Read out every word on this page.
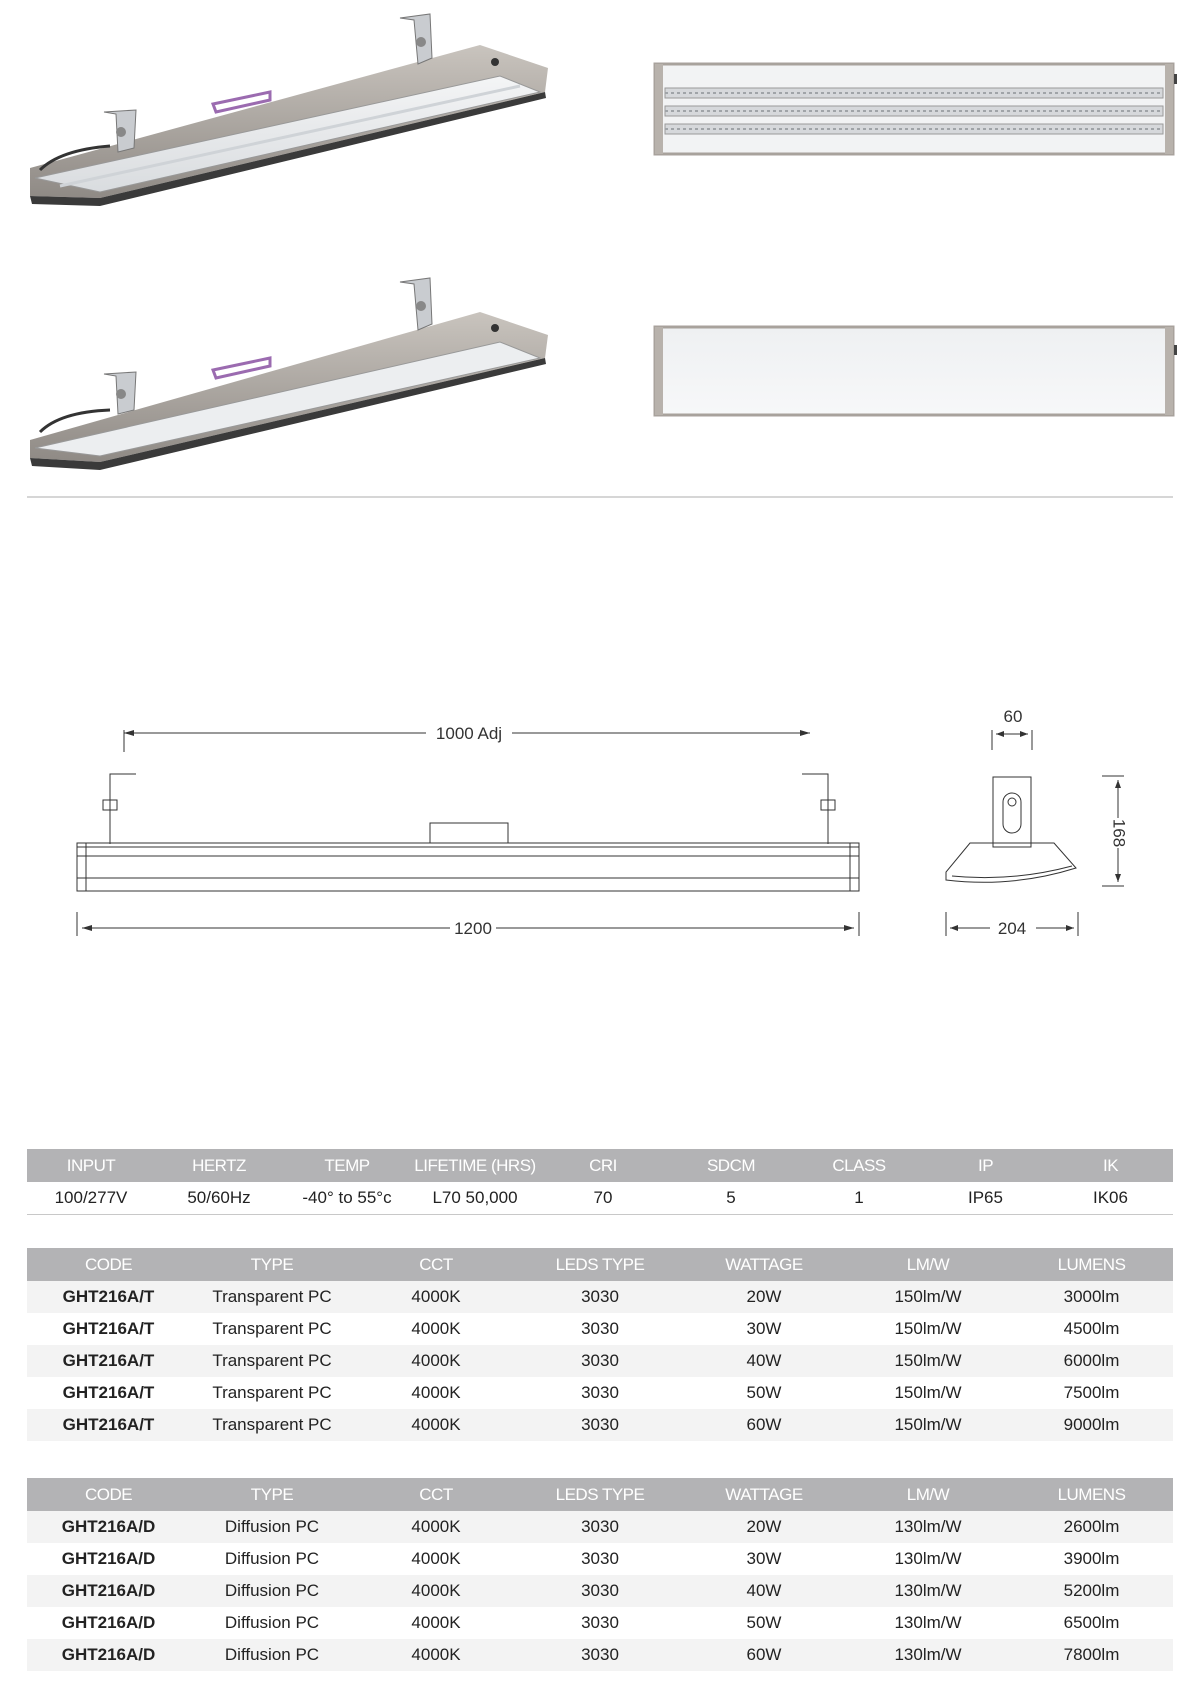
1000 Adj
1200
60
204
168
INPUT	HERTZ	TEMP	LIFETIME (HRS)	CRI	SDCM	CLASS	IP	IK
100/277V	50/60Hz	-40° to 55°c	L70 50,000	70	5	1	IP65	IK06
CODE	TYPE	CCT	LEDS TYPE	WATTAGE	LM/W	LUMENS
GHT216A/T	Transparent PC	4000K	3030	20W	150lm/W	3000lm
GHT216A/T	Transparent PC	4000K	3030	30W	150lm/W	4500lm
GHT216A/T	Transparent PC	4000K	3030	40W	150lm/W	6000lm
GHT216A/T	Transparent PC	4000K	3030	50W	150lm/W	7500lm
GHT216A/T	Transparent PC	4000K	3030	60W	150lm/W	9000lm
CODE	TYPE	CCT	LEDS TYPE	WATTAGE	LM/W	LUMENS
GHT216A/D	Diffusion PC	4000K	3030	20W	130lm/W	2600lm
GHT216A/D	Diffusion PC	4000K	3030	30W	130lm/W	3900lm
GHT216A/D	Diffusion PC	4000K	3030	40W	130lm/W	5200lm
GHT216A/D	Diffusion PC	4000K	3030	50W	130lm/W	6500lm
GHT216A/D	Diffusion PC	4000K	3030	60W	130lm/W	7800lm
